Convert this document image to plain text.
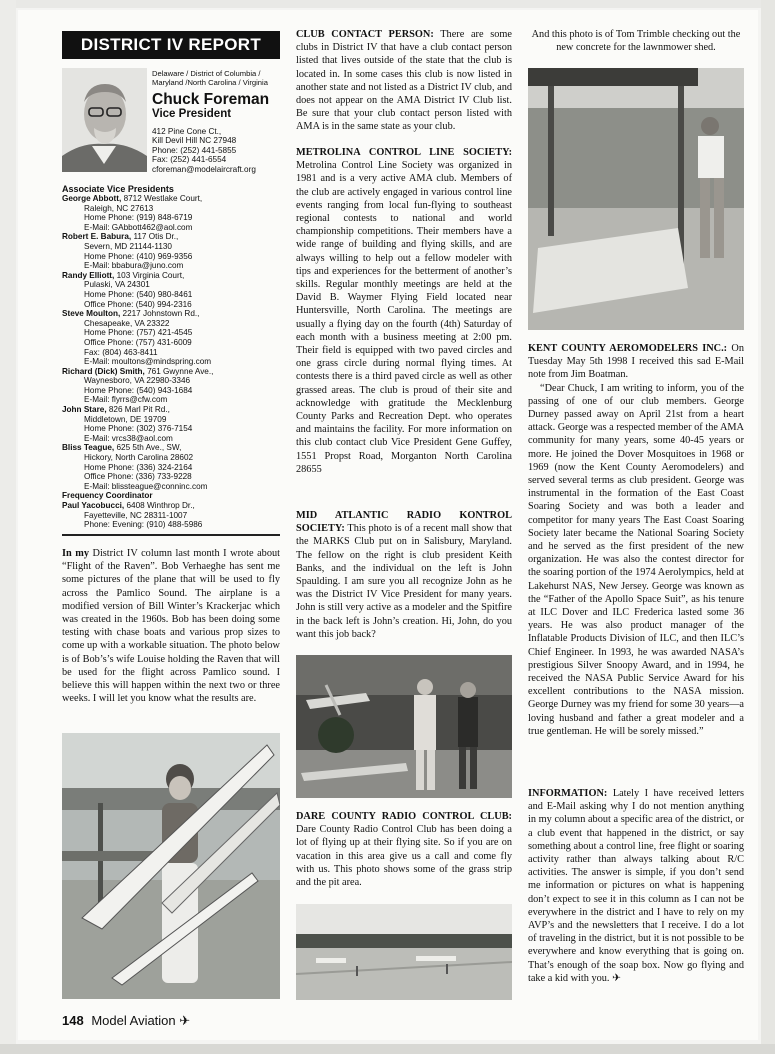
DISTRICT IV REPORT
Delaware / District of Columbia / Maryland /North Carolina / Virginia
Chuck Foreman
Vice President
412 Pine Cone Ct.,
Kill Devil Hill NC 27948
Phone: (252) 441-5855
Fax: (252) 441-6554
cforeman@modelaircraft.org
Associate Vice Presidents
George Abbott, 8712 Westlake Court,
Raleigh, NC 27613
Home Phone: (919) 848-6719
E-Mail: GAbbott462@aol.com
Robert E. Babura, 117 Otis Dr.,
Severn, MD 21144-1130
Home Phone: (410) 969-9356
E-Mail: bbabura@juno.com
Randy Elliott, 103 Virginia Court,
Pulaski, VA 24301
Home Phone: (540) 980-8461
Office Phone: (540) 994-2316
Steve Moulton, 2217 Johnstown Rd.,
Chesapeake, VA 23322
Home Phone: (757) 421-4545
Office Phone: (757) 431-6009
Fax: (804) 463-8411
E-Mail: moultons@mindspring.com
Richard (Dick) Smith, 761 Gwynne Ave.,
Waynesboro, VA 22980-3346
Home Phone: (540) 943-1684
E-Mail: flyrrs@cfw.com
John Stare, 826 Marl Pit Rd.,
Middletown, DE 19709
Home Phone: (302) 376-7154
E-Mail: vrcs38@aol.com
Bliss Teague, 625 5th Ave., SW,
Hickory, North Carolina 28602
Home Phone: (336) 324-2164
Office Phone: (336) 733-9228
E-Mail: blissteague@conninc.com
Frequency Coordinator
Paul Yacobucci, 6408 Winthrop Dr.,
Fayetteville, NC 28311-1007
Phone: Evening: (910) 488-5986
In my District IV column last month I wrote about “Flight of the Raven”. Bob Verhaeghe has sent me some pictures of the plane that will be used to fly across the Pamlico Sound. The airplane is a modified version of Bill Winter’s Krackerjac which was created in the 1960s. Bob has been doing some testing with chase boats and various prop sizes to come up with a workable situation. The photo below is of Bob’s’s wife Louise holding the Raven that will be used for the flight across Pamlico sound. I believe this will happen within the next two or three weeks. I will let you know what the results are.
CLUB CONTACT PERSON: There are some clubs in District IV that have a club contact person listed that lives outside of the state that the club is located in. In some cases this club is now listed in another state and not listed as a District IV club, and does not appear on the AMA District IV Club list. Be sure that your club contact person listed with AMA is in the same state as your club.
METROLINA CONTROL LINE SOCIETY: Metrolina Control Line Society was organized in 1981 and is a very active AMA club. Members of the club are actively engaged in various control line events ranging from local fun-flying to southeast regional contests to national and world championship competitions. Their members have a wide range of building and flying skills, and are always willing to help out a fellow modeler with tips and experiences for the betterment of another’s skills. Regular monthly meetings are held at the David B. Waymer Flying Field located near Huntersville, North Carolina. The meetings are usually a flying day on the fourth (4th) Saturday of each month with a business meeting at 2:00 pm. Their field is equipped with two paved circles and one grass circle during normal flying times. At contests there is a third paved circle as well as other grassed areas. The club is proud of their site and acknowledge with gratitude the Mecklenburg County Parks and Recreation Dept. who operates and maintains the facility. For more information on this club contact club Vice President Gene Guffey, 1551 Propst Road, Morganton North Carolina 28655
MID ATLANTIC RADIO KONTROL SOCIETY: This photo is of a recent mall show that the MARKS Club put on in Salisbury, Maryland. The fellow on the right is club president Keith Banks, and the individual on the left is John Spaulding. I am sure you all recognize John as he was the District IV Vice President for many years. John is still very active as a modeler and the Spitfire in the back left is John’s creation. Hi, John, do you want this job back?
DARE COUNTY RADIO CONTROL CLUB: Dare County Radio Control Club has been doing a lot of flying up at their flying site. So if you are on vacation in this area give us a call and come fly with us. This photo shows some of the grass strip and the pit area.
And this photo is of Tom Trimble checking out the new concrete for the lawnmower shed.
KENT COUNTY AEROMODELERS INC.: On Tuesday May 5th 1998 I received this sad E-Mail note from Jim Boatman.
“Dear Chuck, I am writing to inform, you of the passing of one of our club members. George Durney passed away on April 21st from a heart attack. George was a respected member of the AMA community for many years, some 40-45 years or more. He joined the Dover Mosquitoes in 1968 or 1969 (now the Kent County Aeromodelers) and served several terms as club president. George was instrumental in the formation of the East Coast Soaring Society and was both a leader and competitor for many years The East Coast Soaring Society later became the National Soaring Society and he served as the first president of the new organization. He was also the contest director for the soaring portion of the 1974 Aerolympics, held at Lakehurst NAS, New Jersey. George was known as the “Father of the Apollo Space Suit”, as his tenure at ILC Dover and ILC Frederica lasted some 36 years. He was also product manager of the Inflatable Products Division of ILC, and then ILC’s Chief Engineer. In 1993, he was awarded NASA’s prestigious Silver Snoopy Award, and in 1994, he received the NASA Public Service Award for his excellent contributions to the NASA mission. George Durney was my friend for some 30 years—a loving husband and father a great modeler and a true gentleman. He will be sorely missed.”
INFORMATION: Lately I have received letters and E-Mail asking why I do not mention anything in my column about a specific area of the district, or a club event that happened in the district, or say something about a control line, free flight or soaring activity rather than always talking about R/C activities. The answer is simple, if you don’t send me information or pictures on what is happening don’t expect to see it in this column as I can not be everywhere in the district and I have to rely on my AVP’s and the newsletters that I receive. I do a lot of traveling in the district, but it is not possible to be everywhere and know everything that is going on. That’s enough of the soap box. Now go flying and take a kid with you. ✈
148 Model Aviation ✈
